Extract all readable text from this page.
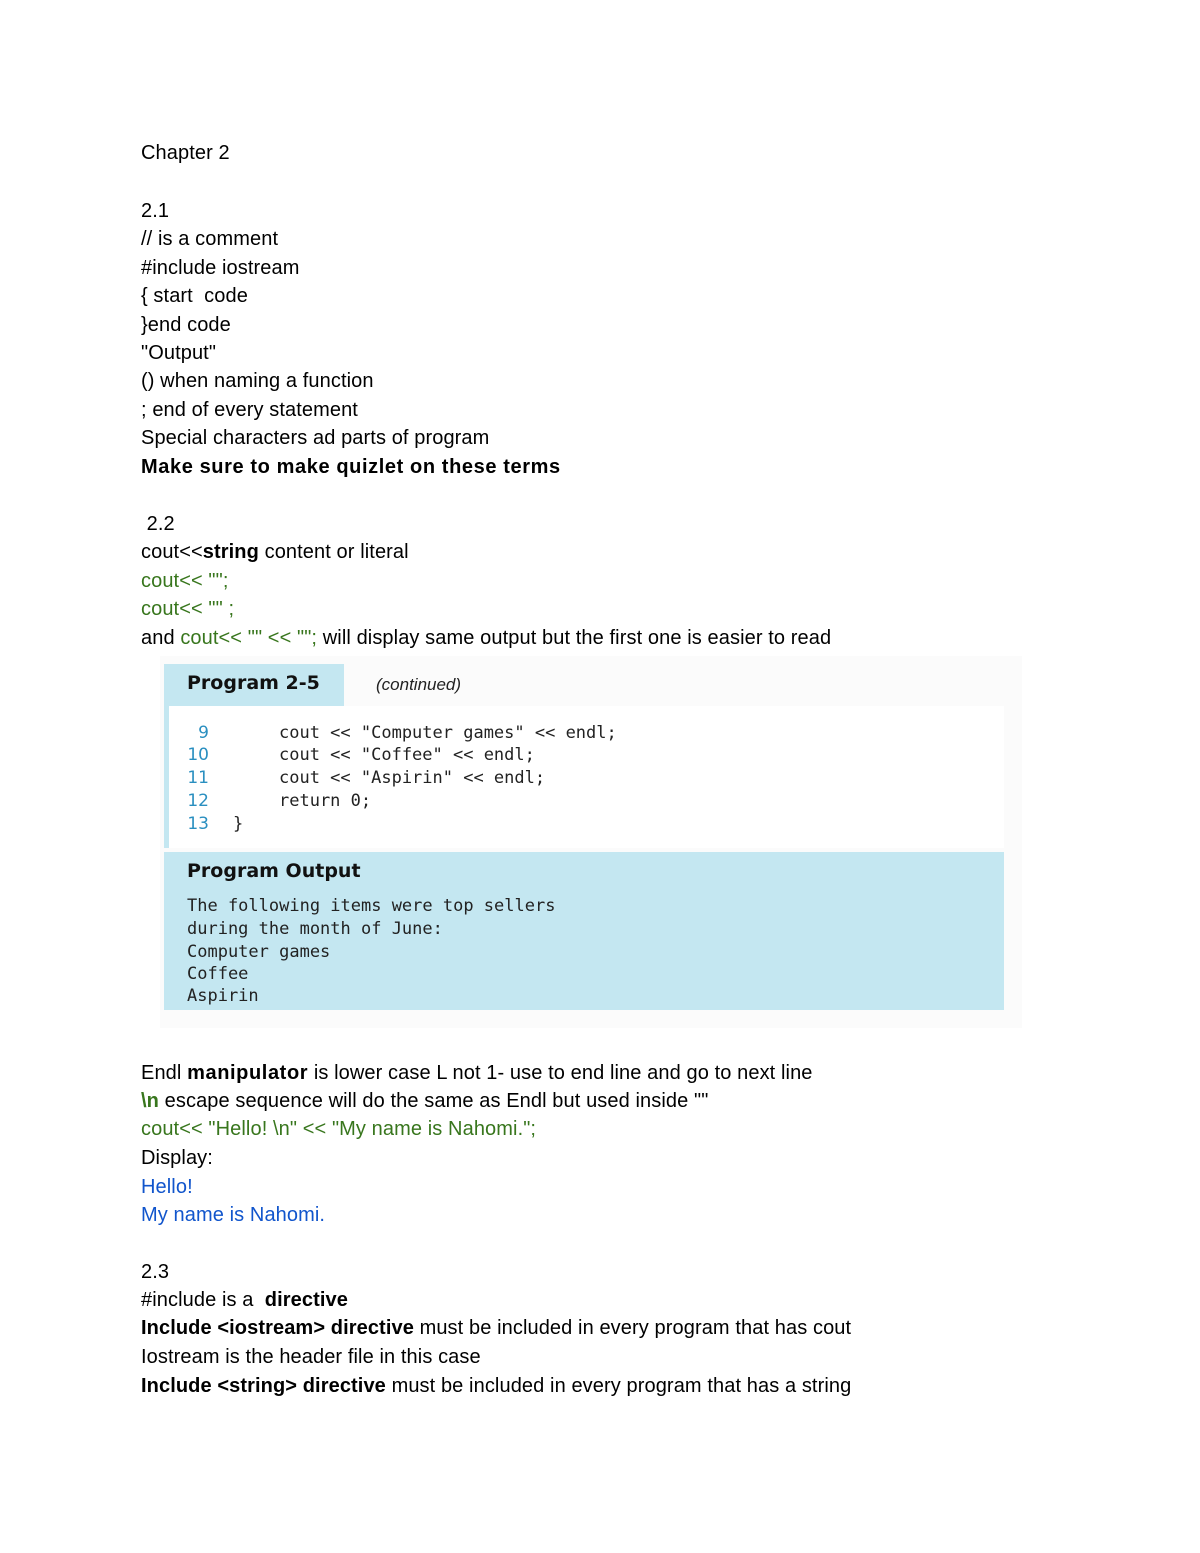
Chapter 2
2.1
// is a comment
#include iostream
{ start  code
}end code
"Output"
() when naming a function
; end of every statement
Special characters ad parts of program
Make sure to make quizlet on these terms
2.2
cout<<string content or literal
cout<< "";
cout<< "" ;
and cout<< "" << ""; will display same output but the first one is easier to read
Program 2-5	(continued)
9	cout << "Computer games" << endl;
10	cout << "Coffee" << endl;
11	cout << "Aspirin" << endl;
12	return 0;
13 }
Program Output
The following items were top sellers
during the month of June:
Computer games
Coffee
Aspirin
Endl manipulator is lower case L not 1- use to end line and go to next line
\n escape sequence will do the same as Endl but used inside ""
cout<< "Hello! \n" << "My name is Nahomi.";
Display:
Hello!
My name is Nahomi.
2.3
#include is a  directive
Include <iostream> directive must be included in every program that has cout
Iostream is the header file in this case
Include <string> directive must be included in every program that has a string
